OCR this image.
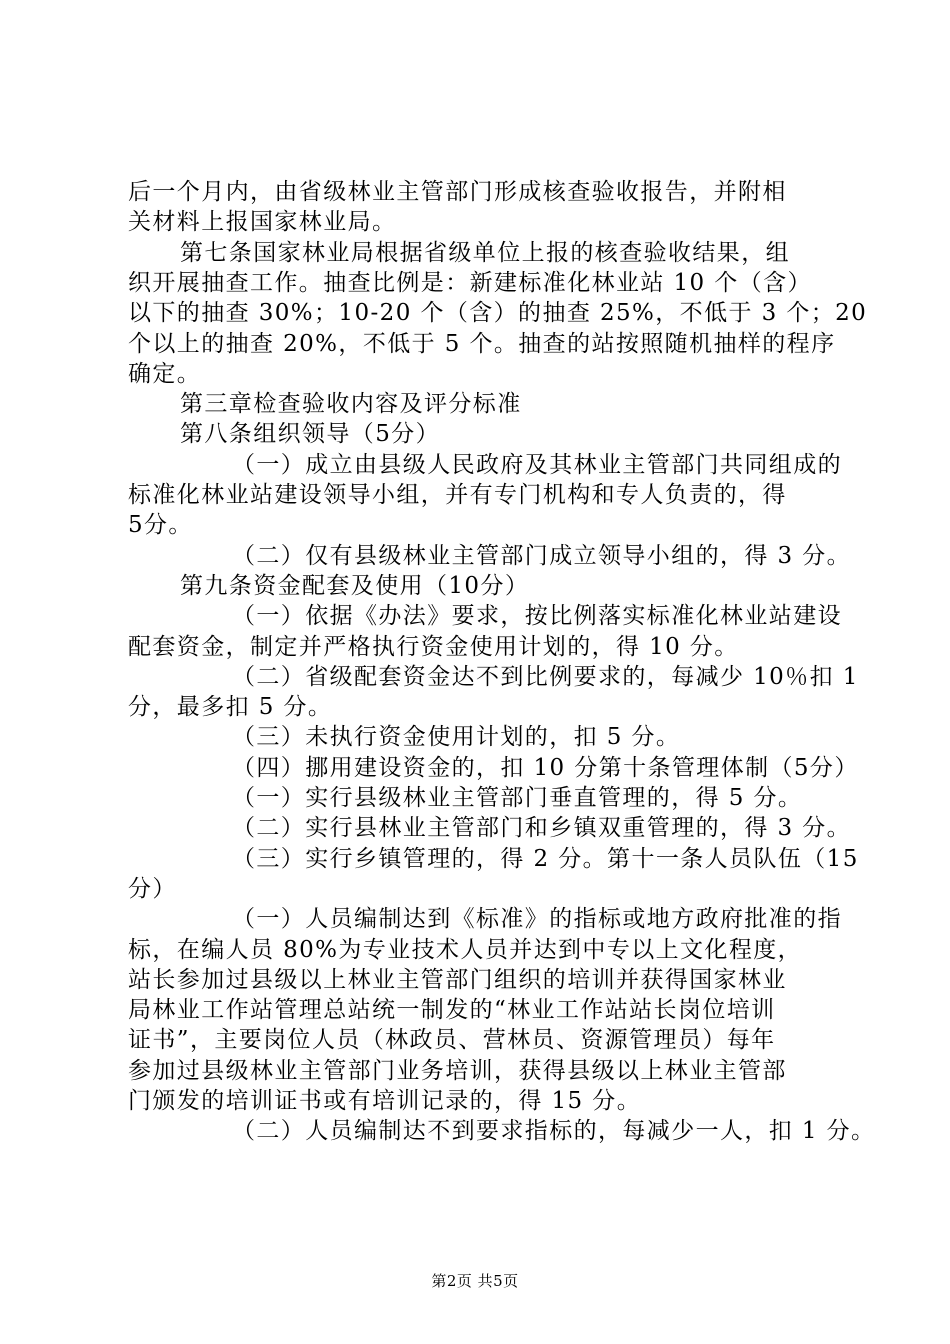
后一个月内，由省级林业主管部门形成核查验收报告，并附相
关材料上报国家林业局。
第七条国家林业局根据省级单位上报的核查验收结果，组
织开展抽查工作。抽查比例是：新建标准化林业站 10 个（含）
以下的抽查 30%；10-20 个（含）的抽查 25%，不低于 3 个；20
个以上的抽查 20%，不低于 5 个。抽查的站按照随机抽样的程序
确定。
第三章检查验收内容及评分标准
第八条组织领导（5分）
（一）成立由县级人民政府及其林业主管部门共同组成的
标准化林业站建设领导小组，并有专门机构和专人负责的，得
5分。
（二）仅有县级林业主管部门成立领导小组的，得 3 分。
第九条资金配套及使用（10分）
（一）依据《办法》要求，按比例落实标准化林业站建设
配套资金，制定并严格执行资金使用计划的，得 10 分。
（二）省级配套资金达不到比例要求的，每减少 10％扣 1
分，最多扣 5 分。
（三）未执行资金使用计划的，扣 5 分。
（四）挪用建设资金的，扣 10 分第十条管理体制（5分）
（一）实行县级林业主管部门垂直管理的，得 5 分。
（二）实行县林业主管部门和乡镇双重管理的，得 3 分。
（三）实行乡镇管理的，得 2 分。第十一条人员队伍（15
分）
（一）人员编制达到《标准》的指标或地方政府批准的指
标，在编人员 80%为专业技术人员并达到中专以上文化程度，
站长参加过县级以上林业主管部门组织的培训并获得国家林业
局林业工作站管理总站统一制发的“林业工作站站长岗位培训
证书”，主要岗位人员（林政员、营林员、资源管理员）每年
参加过县级林业主管部门业务培训，获得县级以上林业主管部
门颁发的培训证书或有培训记录的，得 15 分。
（二）人员编制达不到要求指标的，每减少一人，扣 1 分。
第2页 共5页
